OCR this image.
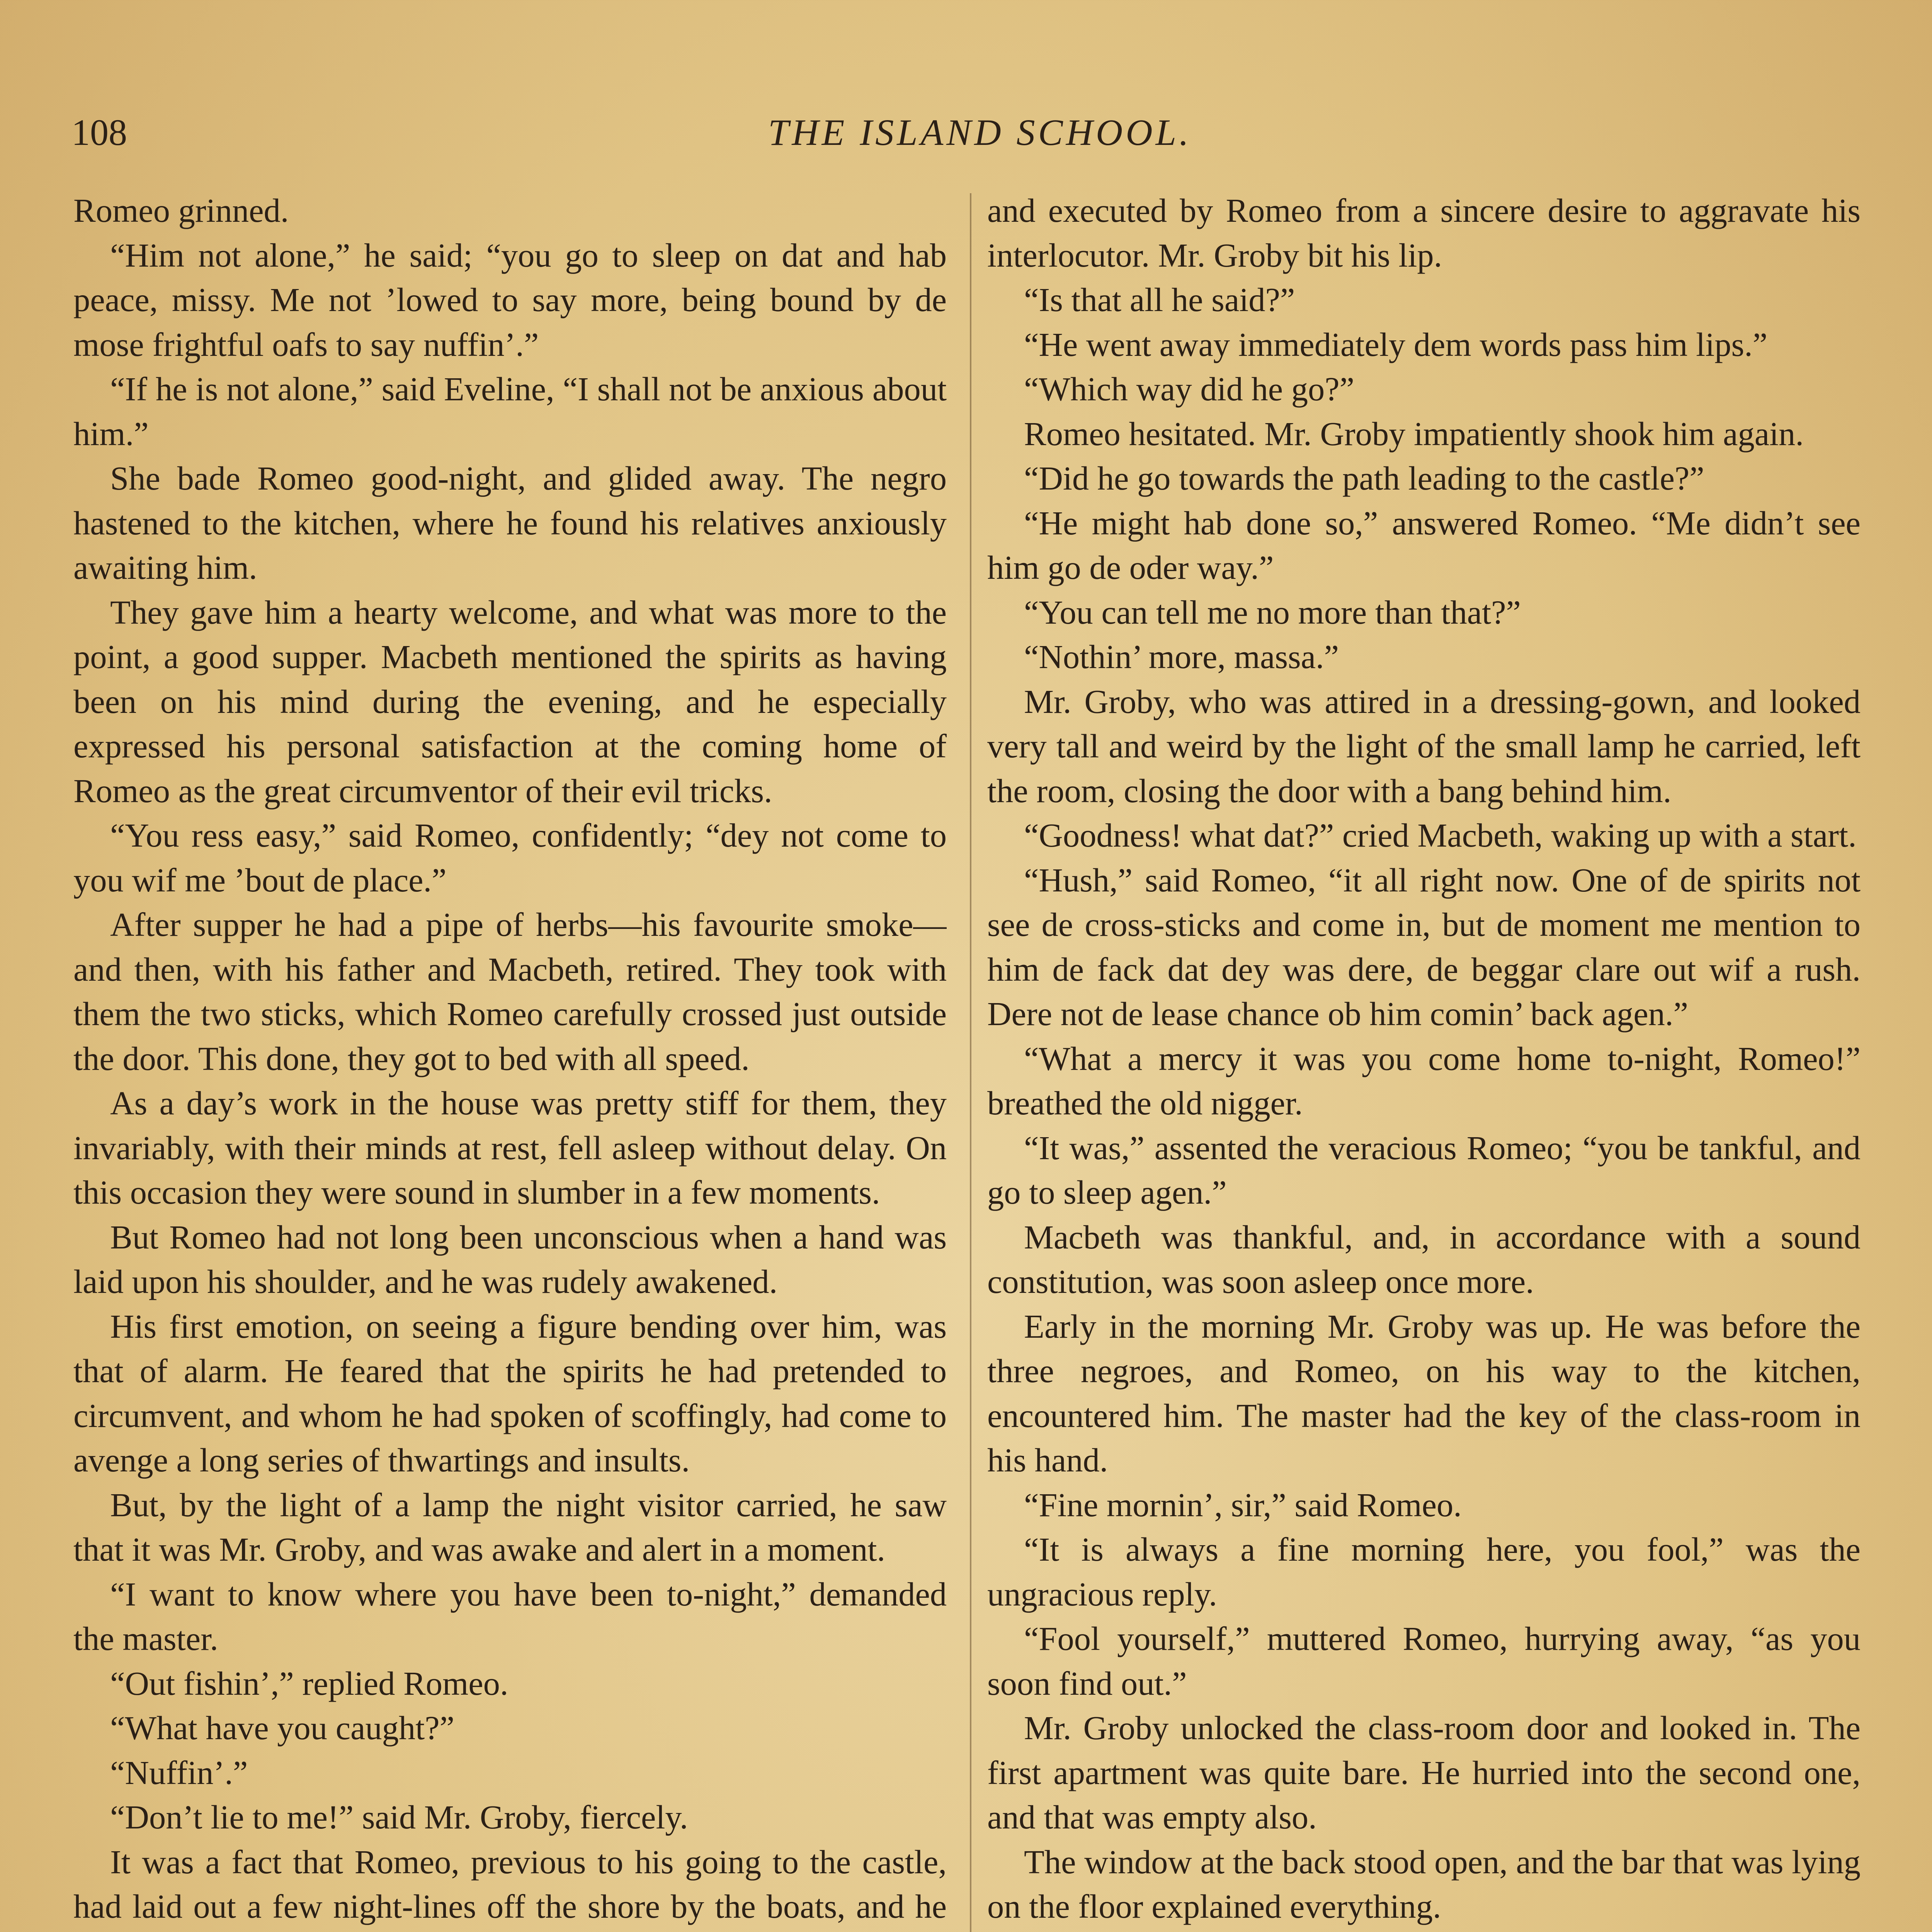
108	THE ISLAND SCHOOL.

Romeo grinned.

“Him not alone,” he said; “you go to sleep on dat and hab peace, missy. Me not ’lowed to say more, being bound by de mose frightful oafs to say nuffin’.”

“If he is not alone,” said Eveline, “I shall not be anxious about him.”

She bade Romeo good-night, and glided away. The negro hastened to the kitchen, where he found his relatives anxiously awaiting him.

They gave him a hearty welcome, and what was more to the point, a good supper. Macbeth mentioned the spirits as having been on his mind during the evening, and he especially expressed his personal satisfaction at the coming home of Romeo as the great circumventor of their evil tricks.

“You ress easy,” said Romeo, confidently; “dey not come to you wif me ’bout de place.”

After supper he had a pipe of herbs—his favourite smoke—and then, with his father and Macbeth, retired. They took with them the two sticks, which Romeo carefully crossed just outside the door. This done, they got to bed with all speed.

As a day’s work in the house was pretty stiff for them, they invariably, with their minds at rest, fell asleep without delay. On this occasion they were sound in slumber in a few moments.

But Romeo had not long been unconscious when a hand was laid upon his shoulder, and he was rudely awakened.

His first emotion, on seeing a figure bending over him, was that of alarm. He feared that the spirits he had pretended to circumvent, and whom he had spoken of scoffingly, had come to avenge a long series of thwartings and insults.

But, by the light of a lamp the night visitor carried, he saw that it was Mr. Groby, and was awake and alert in a moment.

“I want to know where you have been to-night,” demanded the master.

“Out fishin’,” replied Romeo.

“What have you caught?”

“Nuffin’.”

“Don’t lie to me!” said Mr. Groby, fiercely.

It was a fact that Romeo, previous to his going to the castle, had laid out a few night-lines off the shore by the boats, and he

and executed by Romeo from a sincere desire to aggravate his interlocutor. Mr. Groby bit his lip.

“Is that all he said?”

“He went away immediately dem words pass him lips.”

“Which way did he go?”

Romeo hesitated. Mr. Groby impatiently shook him again.

“Did he go towards the path leading to the castle?”

“He might hab done so,” answered Romeo. “Me didn’t see him go de oder way.”

“You can tell me no more than that?”

“Nothin’ more, massa.”

Mr. Groby, who was attired in a dressing-gown, and looked very tall and weird by the light of the small lamp he carried, left the room, closing the door with a bang behind him.

“Goodness! what dat?” cried Macbeth, waking up with a start.

“Hush,” said Romeo, “it all right now. One of de spirits not see de cross-sticks and come in, but de moment me mention to him de fack dat dey was dere, de beggar clare out wif a rush. Dere not de lease chance ob him comin’ back agen.”

“What a mercy it was you come home to-night, Romeo!” breathed the old nigger.

“It was,” assented the veracious Romeo; “you be tankful, and go to sleep agen.”

Macbeth was thankful, and, in accordance with a sound constitution, was soon asleep once more.

Early in the morning Mr. Groby was up. He was before the three negroes, and Romeo, on his way to the kitchen, encountered him. The master had the key of the class-room in his hand.

“Fine mornin’, sir,” said Romeo.

“It is always a fine morning here, you fool,” was the ungracious reply.

“Fool yourself,” muttered Romeo, hurrying away, “as you soon find out.”

Mr. Groby unlocked the class-room door and looked in. The first apartment was quite bare. He hurried into the second one, and that was empty also.

The window at the back stood open, and the bar that was lying on the floor explained everything.
